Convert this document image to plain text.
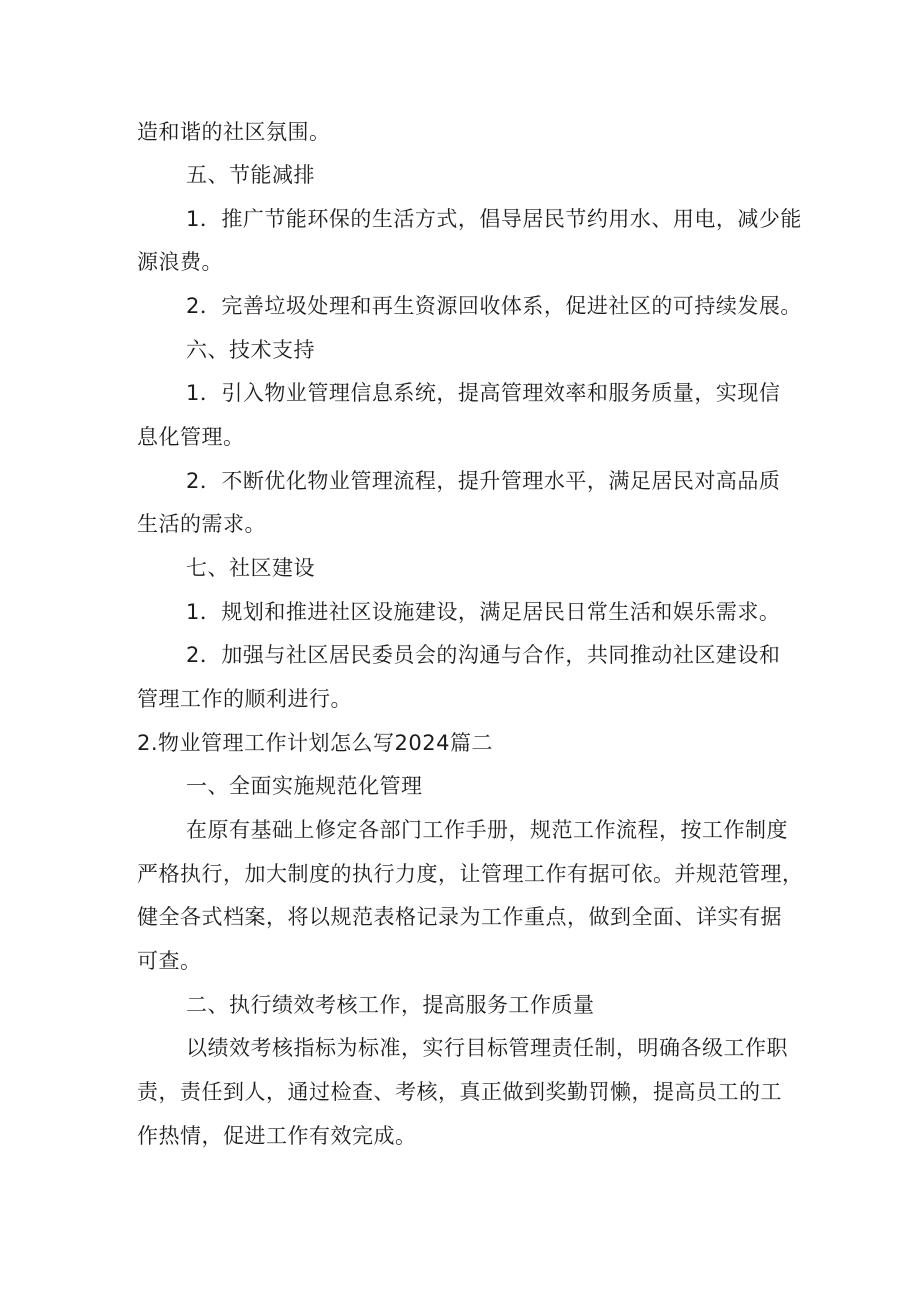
造和谐的社区氛围。
五、节能减排
1．推广节能环保的生活方式，倡导居民节约用水、用电，减少能
源浪费。
2．完善垃圾处理和再生资源回收体系，促进社区的可持续发展。
六、技术支持
1．引入物业管理信息系统，提高管理效率和服务质量，实现信
息化管理。
2．不断优化物业管理流程，提升管理水平，满足居民对高品质
生活的需求。
七、社区建设
1．规划和推进社区设施建设，满足居民日常生活和娱乐需求。
2．加强与社区居民委员会的沟通与合作，共同推动社区建设和
管理工作的顺利进行。
2.物业管理工作计划怎么写2024篇二
一、全面实施规范化管理
在原有基础上修定各部门工作手册，规范工作流程，按工作制度
严格执行，加大制度的执行力度，让管理工作有据可依。并规范管理，
健全各式档案，将以规范表格记录为工作重点，做到全面、详实有据
可查。
二、执行绩效考核工作，提高服务工作质量
以绩效考核指标为标准，实行目标管理责任制，明确各级工作职
责，责任到人，通过检查、考核，真正做到奖勤罚懒，提高员工的工
作热情，促进工作有效完成。
